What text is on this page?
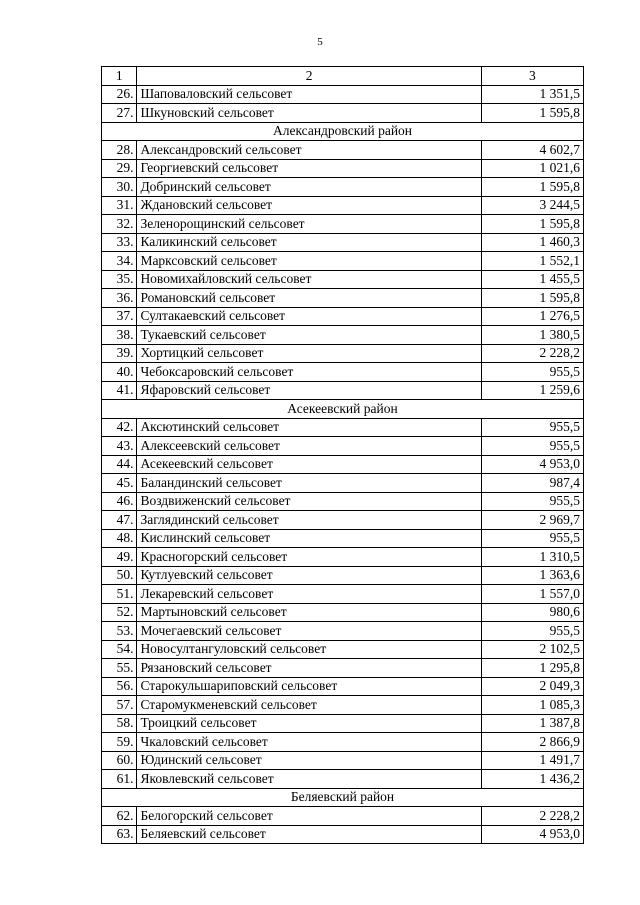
5
1	2	3
26.	Шаповаловский сельсовет	1 351,5
27.	Шкуновский сельсовет	1 595,8
Александровский район		
28.	Александровский сельсовет	4 602,7
29.	Георгиевский сельсовет	1 021,6
30.	Добринский сельсовет	1 595,8
31.	Ждановский сельсовет	3 244,5
32.	Зеленорощинский сельсовет	1 595,8
33.	Каликинский сельсовет	1 460,3
34.	Марксовский сельсовет	1 552,1
35.	Новомихайловский сельсовет	1 455,5
36.	Романовский сельсовет	1 595,8
37.	Султакаевский сельсовет	1 276,5
38.	Тукаевский сельсовет	1 380,5
39.	Хортицкий сельсовет	2 228,2
40.	Чебоксаровский сельсовет	955,5
41.	Яфаровский сельсовет	1 259,6
Асекеевский район		
42.	Аксютинский сельсовет	955,5
43.	Алексеевский сельсовет	955,5
44.	Асекеевский сельсовет	4 953,0
45.	Баландинский сельсовет	987,4
46.	Воздвиженский сельсовет	955,5
47.	Заглядинский сельсовет	2 969,7
48.	Кислинский сельсовет	955,5
49.	Красногорский сельсовет	1 310,5
50.	Кутлуевский сельсовет	1 363,6
51.	Лекаревский сельсовет	1 557,0
52.	Мартыновский сельсовет	980,6
53.	Мочегаевский сельсовет	955,5
54.	Новосултангуловский сельсовет	2 102,5
55.	Рязановский сельсовет	1 295,8
56.	Старокульшариповский сельсовет	2 049,3
57.	Старомукменевский сельсовет	1 085,3
58.	Троицкий сельсовет	1 387,8
59.	Чкаловский сельсовет	2 866,9
60.	Юдинский сельсовет	1 491,7
61.	Яковлевский сельсовет	1 436,2
Беляевский район		
62.	Белогорский сельсовет	2 228,2
63.	Беляевский сельсовет	4 953,0
